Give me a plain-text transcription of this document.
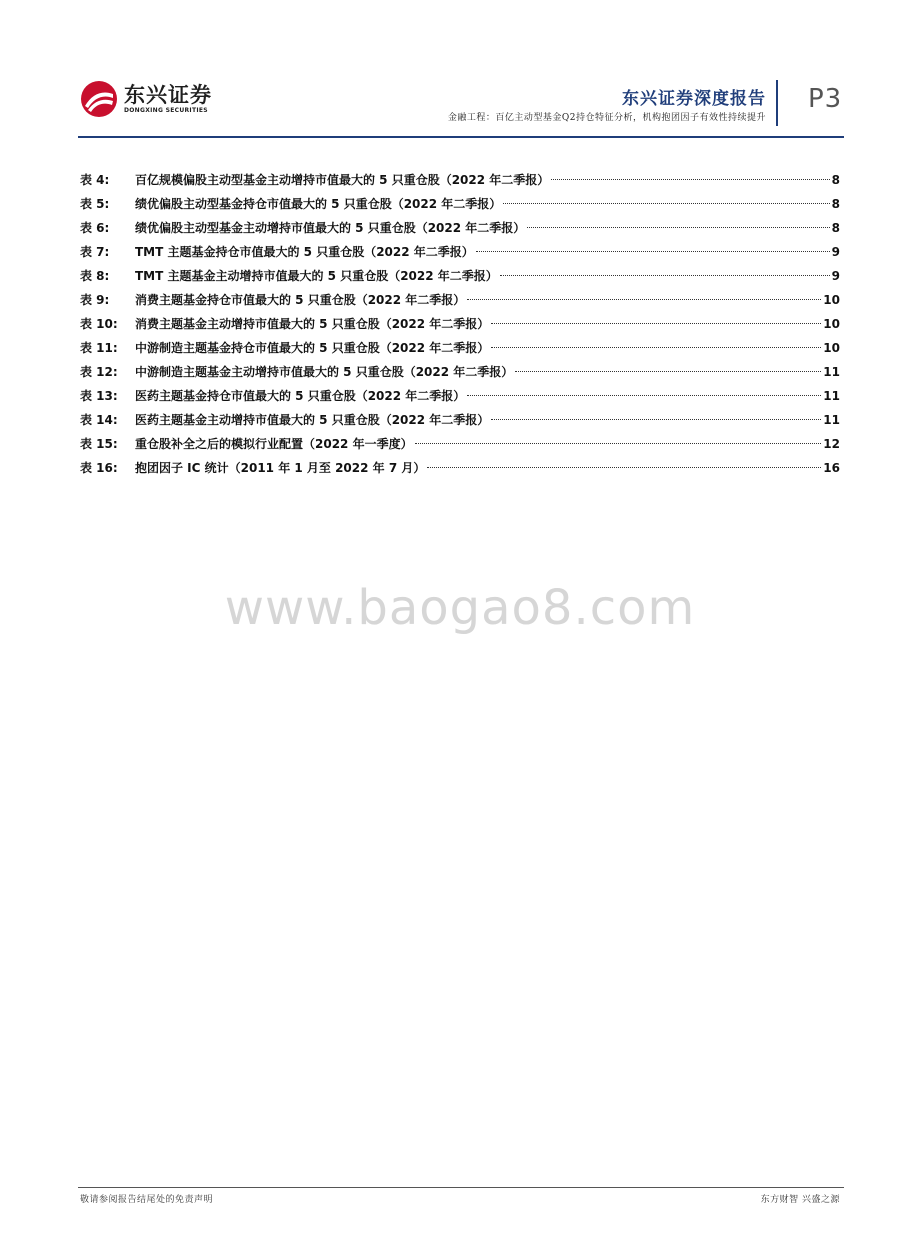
东兴证券
DONGXING SECURITIES
东兴证券深度报告
金融工程：百亿主动型基金Q2持仓特征分析，机构抱团因子有效性持续提升
P3
表 4:	百亿规模偏股主动型基金主动增持市值最大的 5 只重仓股（2022 年二季报）	8
表 5:	绩优偏股主动型基金持仓市值最大的 5 只重仓股（2022 年二季报）	8
表 6:	绩优偏股主动型基金主动增持市值最大的 5 只重仓股（2022 年二季报）	8
表 7:	TMT 主题基金持仓市值最大的 5 只重仓股（2022 年二季报）	9
表 8:	TMT 主题基金主动增持市值最大的 5 只重仓股（2022 年二季报）	9
表 9:	消费主题基金持仓市值最大的 5 只重仓股（2022 年二季报）	10
表 10:	消费主题基金主动增持市值最大的 5 只重仓股（2022 年二季报）	10
表 11:	中游制造主题基金持仓市值最大的 5 只重仓股（2022 年二季报）	10
表 12:	中游制造主题基金主动增持市值最大的 5 只重仓股（2022 年二季报）	11
表 13:	医药主题基金持仓市值最大的 5 只重仓股（2022 年二季报）	11
表 14:	医药主题基金主动增持市值最大的 5 只重仓股（2022 年二季报）	11
表 15:	重仓股补全之后的模拟行业配置（2022 年一季度）	12
表 16:	抱团因子 IC 统计（2011 年 1 月至 2022 年 7 月）	16
www.baogao8.com
敬请参阅报告结尾处的免责声明	东方财智 兴盛之源
